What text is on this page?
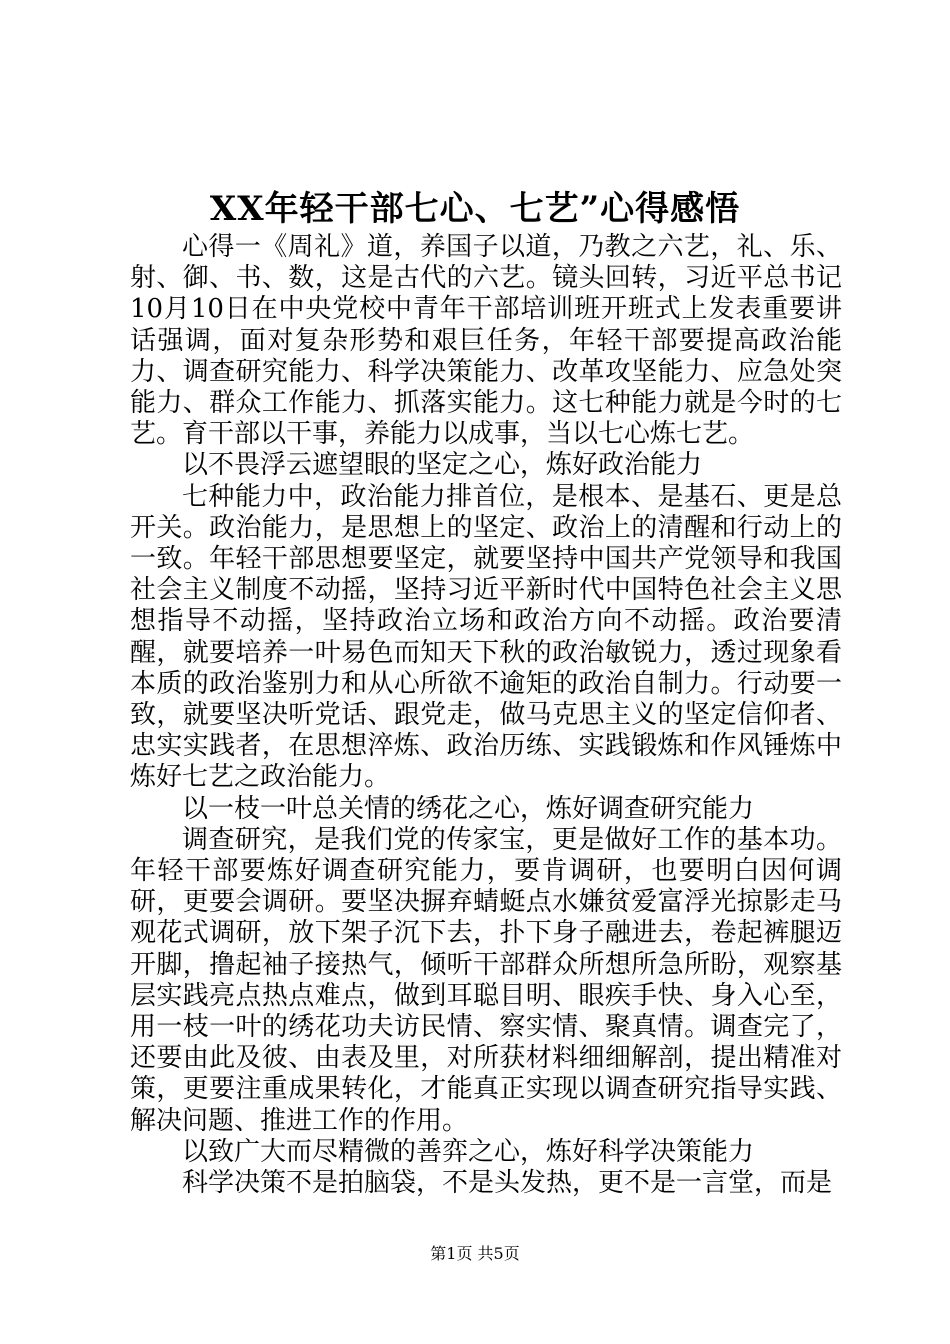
XX年轻干部七心、七艺”心得感悟

心得一《周礼》道，养国子以道，乃教之六艺，礼、乐、射、御、书、数，这是古代的六艺。镜头回转，习近平总书记10月10日在中央党校中青年干部培训班开班式上发表重要讲话强调，面对复杂形势和艰巨任务，年轻干部要提高政治能力、调查研究能力、科学决策能力、改革攻坚能力、应急处突能力、群众工作能力、抓落实能力。这七种能力就是今时的七艺。育干部以干事，养能力以成事，当以七心炼七艺。

以不畏浮云遮望眼的坚定之心，炼好政治能力

七种能力中，政治能力排首位，是根本、是基石、更是总开关。政治能力，是思想上的坚定、政治上的清醒和行动上的一致。年轻干部思想要坚定，就要坚持中国共产党领导和我国社会主义制度不动摇，坚持习近平新时代中国特色社会主义思想指导不动摇，坚持政治立场和政治方向不动摇。政治要清醒，就要培养一叶易色而知天下秋的政治敏锐力，透过现象看本质的政治鉴别力和从心所欲不逾矩的政治自制力。行动要一致，就要坚决听党话、跟党走，做马克思主义的坚定信仰者、忠实实践者，在思想淬炼、政治历练、实践锻炼和作风锤炼中炼好七艺之政治能力。

以一枝一叶总关情的绣花之心，炼好调查研究能力

调查研究，是我们党的传家宝，更是做好工作的基本功。年轻干部要炼好调查研究能力，要肯调研，也要明白因何调研，更要会调研。要坚决摒弃蜻蜓点水嫌贫爱富浮光掠影走马观花式调研，放下架子沉下去，扑下身子融进去，卷起裤腿迈开脚，撸起袖子接热气，倾听干部群众所想所急所盼，观察基层实践亮点热点难点，做到耳聪目明、眼疾手快、身入心至，用一枝一叶的绣花功夫访民情、察实情、聚真情。调查完了，还要由此及彼、由表及里，对所获材料细细解剖，提出精准对策，更要注重成果转化，才能真正实现以调查研究指导实践、解决问题、推进工作的作用。

以致广大而尽精微的善弈之心，炼好科学决策能力

科学决策不是拍脑袋，不是头发热，更不是一言堂，而是

第1页 共5页
